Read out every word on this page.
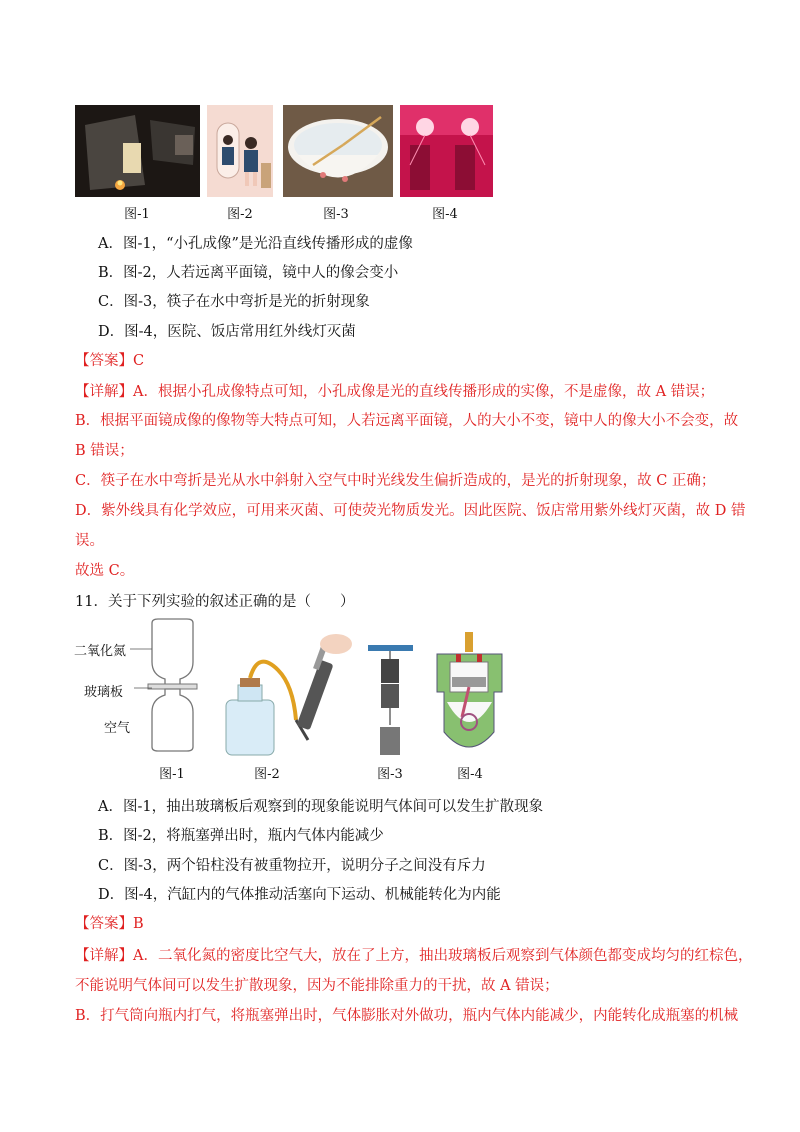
图-1	图-2	图-3	图-4
A．图-1，“小孔成像”是光沿直线传播形成的虚像
B．图-2，人若远离平面镜，镜中人的像会变小
C．图-3，筷子在水中弯折是光的折射现象
D．图-4，医院、饭店常用红外线灯灭菌
【答案】C
【详解】A．根据小孔成像特点可知，小孔成像是光的直线传播形成的实像，不是虚像，故 A 错误；
B．根据平面镜成像的像物等大特点可知，人若远离平面镜，人的大小不变，镜中人的像大小不会变，故
B 错误；
C．筷子在水中弯折是光从水中斜射入空气中时光线发生偏折造成的，是光的折射现象，故 C 正确；
D．紫外线具有化学效应，可用来灭菌、可使荧光物质发光。因此医院、饭店常用紫外线灯灭菌，故 D 错
误。
故选 C。
11．关于下列实验的叙述正确的是（　　）
二氧化氮
玻璃板
空气
图-1	图-2	图-3	图-4
A．图-1，抽出玻璃板后观察到的现象能说明气体间可以发生扩散现象
B．图-2，将瓶塞弹出时，瓶内气体内能减少
C．图-3，两个铅柱没有被重物拉开，说明分子之间没有斥力
D．图-4，汽缸内的气体推动活塞向下运动、机械能转化为内能
【答案】B
【详解】A．二氧化氮的密度比空气大，放在了上方，抽出玻璃板后观察到气体颜色都变成均匀的红棕色，
不能说明气体间可以发生扩散现象，因为不能排除重力的干扰，故 A 错误；
B．打气筒向瓶内打气，将瓶塞弹出时，气体膨胀对外做功，瓶内气体内能减少，内能转化成瓶塞的机械
